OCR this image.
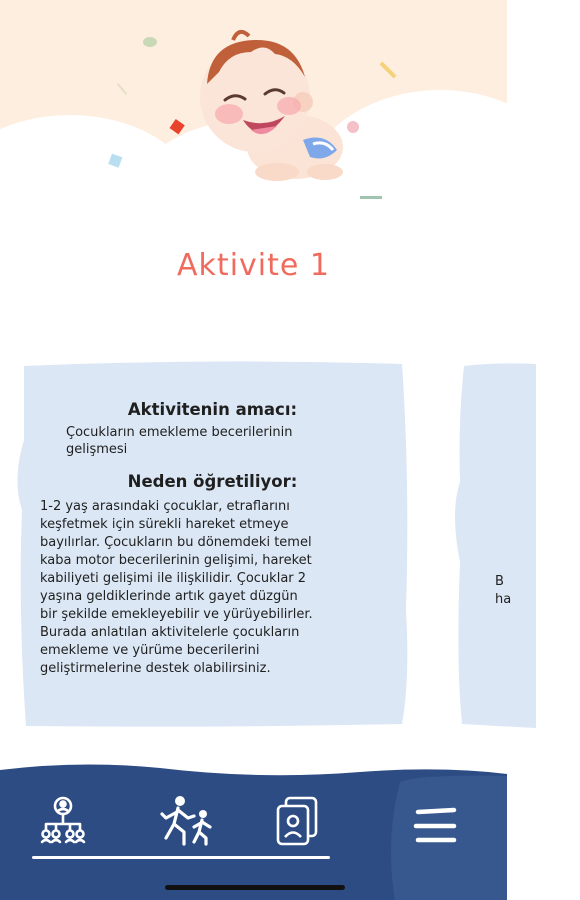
Aktivite 1

Aktivitenin amacı:

Çocukların emekleme becerilerinin
gelişmesi

Neden öğretiliyor:

1-2 yaş arasındaki çocuklar, etraflarını
keşfetmek için sürekli hareket etmeye
bayılırlar. Çocukların bu dönemdeki temel
kaba motor becerilerinin gelişimi, hareket
kabiliyeti gelişimi ile ilişkilidir. Çocuklar 2
yaşına geldiklerinde artık gayet düzgün
bir şekilde emekleyebilir ve yürüyebilirler.
Burada anlatılan aktivitelerle çocukların
emekleme ve yürüme becerilerini
geliştirmelerine destek olabilirsiniz.

B
ha
